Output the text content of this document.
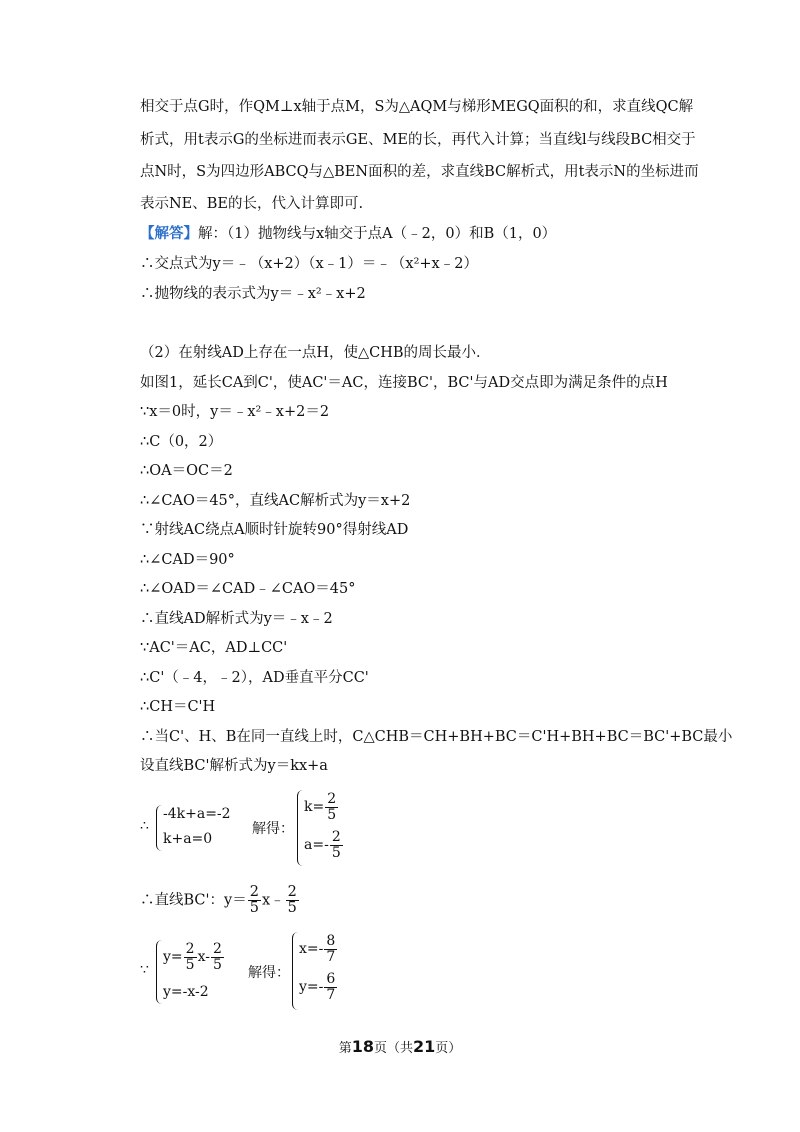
相交于点G时，作QM⊥x轴于点M，S为△AQM与梯形MEGQ面积的和，求直线QC解
析式，用t表示G的坐标进而表示GE、ME的长，再代入计算；当直线l与线段BC相交于
点N时，S为四边形ABCQ与△BEN面积的差，求直线BC解析式，用t表示N的坐标进而
表示NE、BE的长，代入计算即可.
【解答】解：（1）抛物线与x轴交于点A（﹣2，0）和B（1，0）
∴交点式为y＝﹣（x+2）（x﹣1）＝﹣（x²+x﹣2）
∴抛物线的表示式为y＝﹣x²﹣x+2
（2）在射线AD上存在一点H，使△CHB的周长最小．
如图1，延长CA到C'，使AC'＝AC，连接BC'，BC'与AD交点即为满足条件的点H
∵x＝0时，y＝﹣x²﹣x+2＝2
∴C（0，2）
∴OA＝OC＝2
∴∠CAO＝45°，直线AC解析式为y＝x+2
∵射线AC绕点A顺时针旋转90°得射线AD
∴∠CAD＝90°
∴∠OAD＝∠CAD﹣∠CAO＝45°
∴直线AD解析式为y＝﹣x﹣2
∵AC'＝AC，AD⊥CC'
∴C'（﹣4，﹣2），AD垂直平分CC'
∴CH＝C'H
∴当C'、H、B在同一直线上时，C△CHB＝CH+BH+BC＝C'H+BH+BC＝BC'+BC最小
设直线BC'解析式为y＝kx+a
∴
-4k+a=-2
k+a=0
解得：
$k= \frac{2}{5}$
$a=- \frac{2}{5}$
∴直线BC'：$y= \frac{2}{5}$ x﹣ $\frac{2}{5}$
∵
$y= \frac{2}{5} x- \frac{2}{5}$
y=-x-2
解得：
$x=- \frac{8}{7}$
$y=- \frac{6}{7}$
第18页（共21页）
